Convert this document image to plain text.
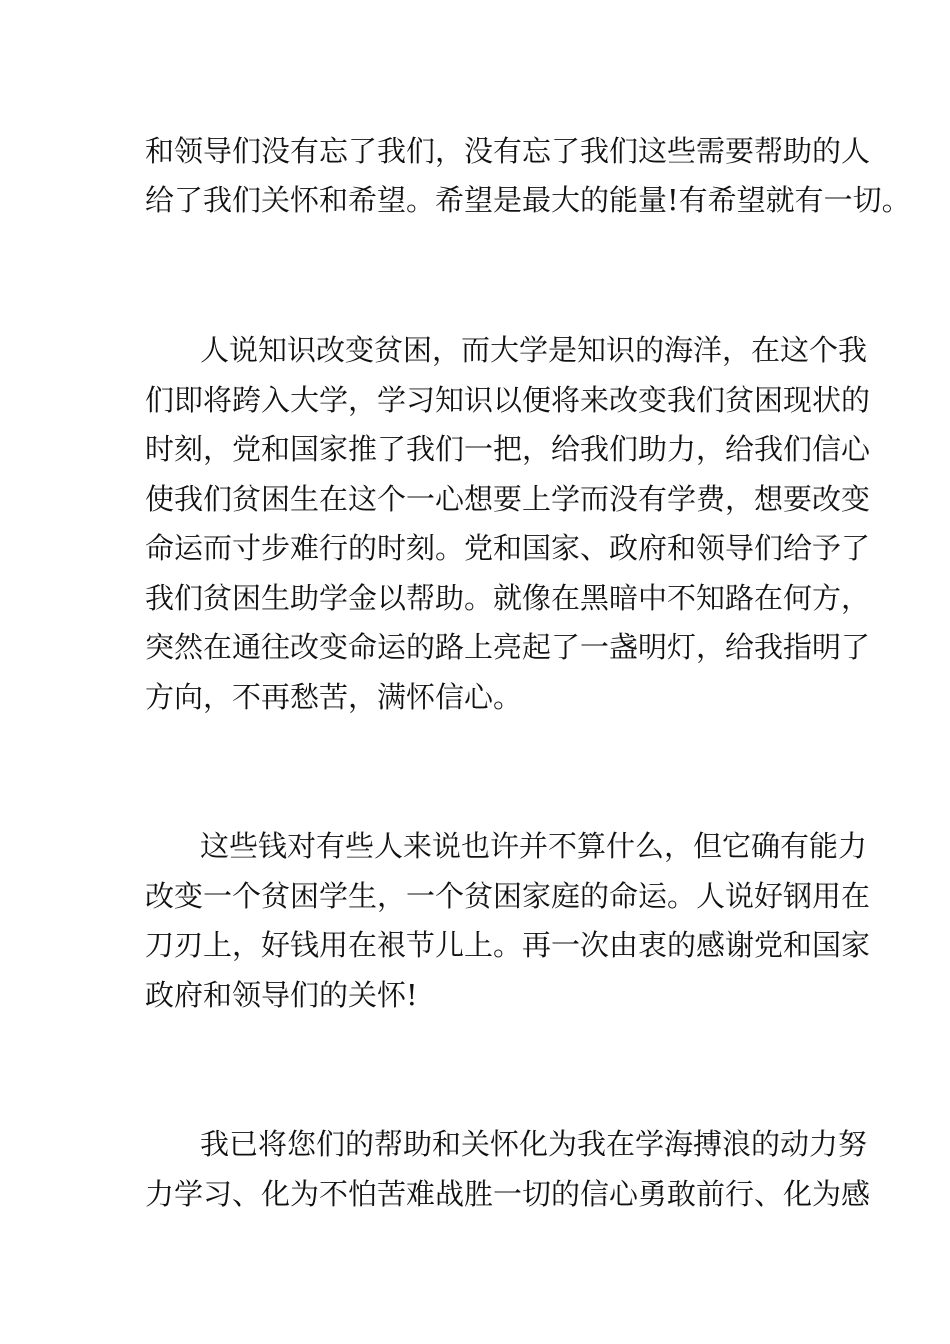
和领导们没有忘了我们，没有忘了我们这些需要帮助的人
给了我们关怀和希望。希望是最大的能量!有希望就有一切。
人说知识改变贫困，而大学是知识的海洋，在这个我
们即将跨入大学，学习知识以便将来改变我们贫困现状的
时刻，党和国家推了我们一把，给我们助力，给我们信心
使我们贫困生在这个一心想要上学而没有学费，想要改变
命运而寸步难行的时刻。党和国家、政府和领导们给予了
我们贫困生助学金以帮助。就像在黑暗中不知路在何方，
突然在通往改变命运的路上亮起了一盏明灯，给我指明了
方向，不再愁苦，满怀信心。
这些钱对有些人来说也许并不算什么，但它确有能力
改变一个贫困学生，一个贫困家庭的命运。人说好钢用在
刀刃上，好钱用在裉节儿上。再一次由衷的感谢党和国家
政府和领导们的关怀!
我已将您们的帮助和关怀化为我在学海搏浪的动力努
力学习、化为不怕苦难战胜一切的信心勇敢前行、化为感
